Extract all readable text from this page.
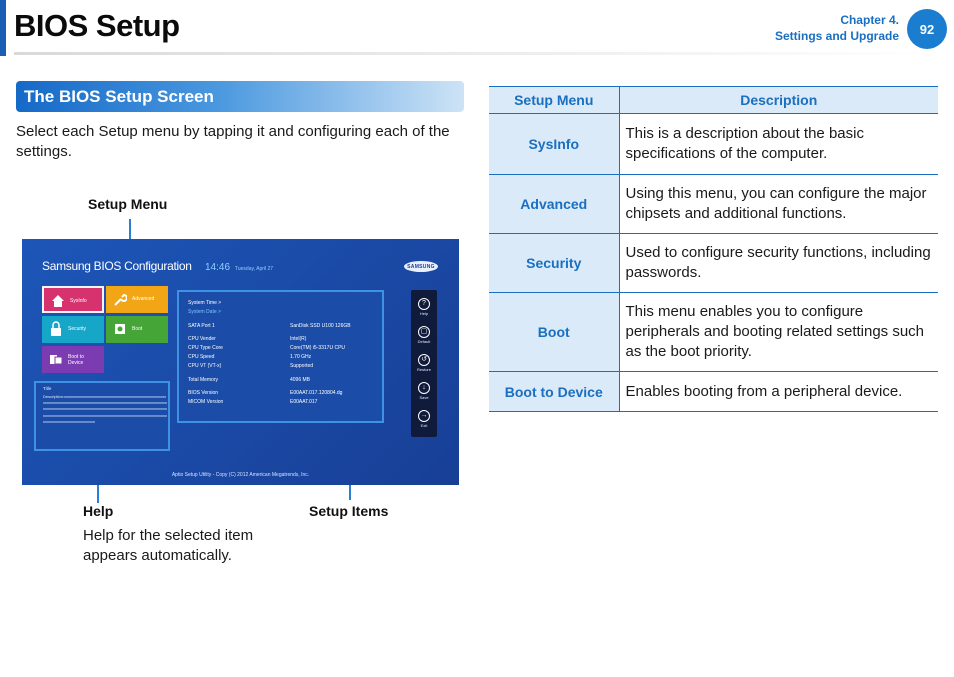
BIOS Setup	Chapter 4.
Settings and Upgrade	92
The BIOS Setup Screen
Select each Setup menu by tapping it and configuring each of the settings.
Setup Menu
Help
Help for the selected item
appears automatically.
Setup Items
Samsung BIOS Configuration 14:46 Tuesday, April 27	SAMSUNG
SysInfo	Advanced
Security	Boot
Boot to
Device
Title
Description:xxxxxxxxxxxxxxxxxxxxxxxxxxxxxxxxxxxxxxxxxxxxxxxxxxxxxxxxxxxxxxxxxxxxxxxxxxxxxxxxxxxxxxxxxxxxxxxxxxxxxxxxxxxxxxxxxxxxxxxxxxxxxxxxxxxxxxxxxxxxxxxxxxxxxxxxxxxxxxxxxxxxxxxxxxxxxxxxxxxxxxxxxxxxxxxxxxxxxxxxxxxxxxxxxxxxxxxxxxxxxxxxxxxxxxxxxxxxxxxxxxxxxxxxxxxxxxxxxxxxxxx
System Time >
System Date >
SATA Port 1	SanDisk SSD U100 126GB
CPU Vender	Intel(R)
CPU Type Core	Core(TM) i5-3317U CPU
CPU Speed	1.70 GHz
CPU VT (VT-x)	Supported
Total Memory	4096 MB
BIOS Version	E00AAT.017.120804.dg
MICOM Version	E00AAT.017
?
Help
▢
Default
↺
Restore
↓
Save
→
Exit
Aptio Setup Utility - Copy (C) 2012 American Megatrends, Inc.
Setup Menu	Description
SysInfo	This is a description about the basic specifications of the computer.
Advanced	Using this menu, you can configure the major chipsets and additional functions.
Security	Used to configure security functions, including passwords.
Boot	This menu enables you to configure peripherals and booting related settings such as the boot priority.
Boot to Device	Enables booting from a peripheral device.
